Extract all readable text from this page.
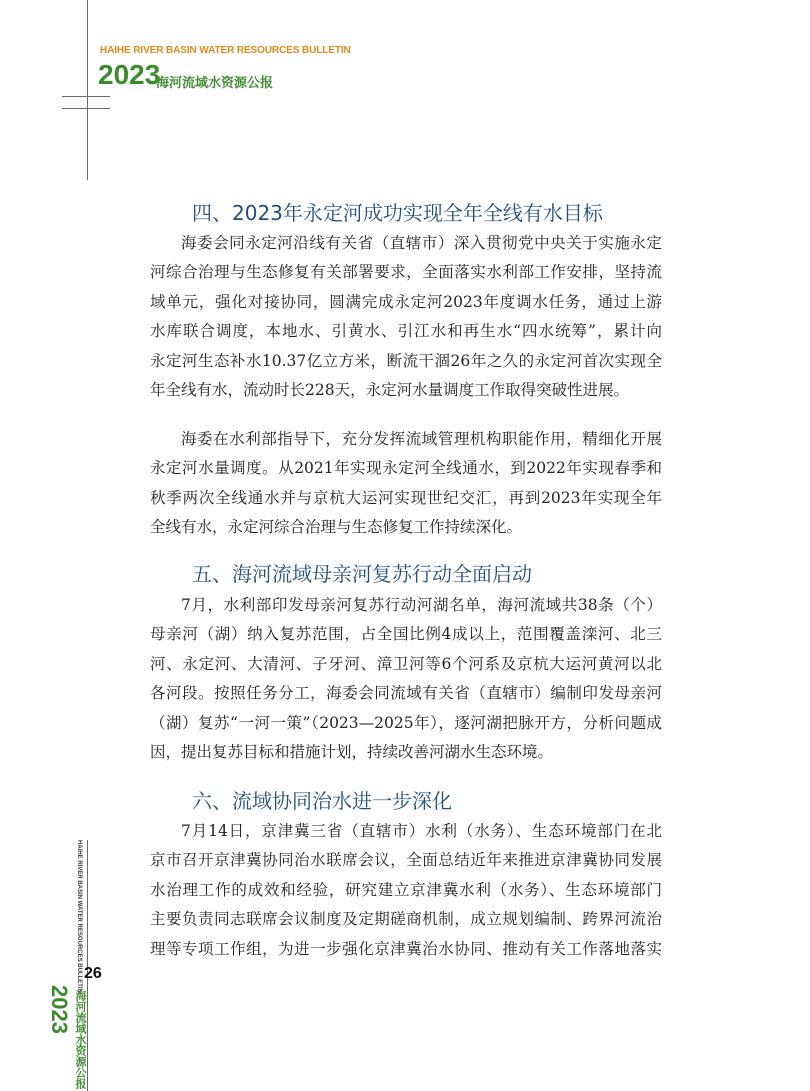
HAIHE RIVER BASIN WATER RESOURCES BULLETIN
2023
海河流域水资源公报
四、2023年永定河成功实现全年全线有水目标
海委会同永定河沿线有关省（直辖市）深入贯彻党中央关于实施永定
河综合治理与生态修复有关部署要求，全面落实水利部工作安排，坚持流
域单元，强化对接协同，圆满完成永定河2023年度调水任务，通过上游
水库联合调度，本地水、引黄水、引江水和再生水“四水统筹”，累计向
永定河生态补水10.37亿立方米，断流干涸26年之久的永定河首次实现全
年全线有水，流动时长228天，永定河水量调度工作取得突破性进展。
海委在水利部指导下，充分发挥流域管理机构职能作用，精细化开展
永定河水量调度。从2021年实现永定河全线通水，到2022年实现春季和
秋季两次全线通水并与京杭大运河实现世纪交汇，再到2023年实现全年
全线有水，永定河综合治理与生态修复工作持续深化。
五、海河流域母亲河复苏行动全面启动
7月，水利部印发母亲河复苏行动河湖名单，海河流域共38条（个）
母亲河（湖）纳入复苏范围，占全国比例4成以上，范围覆盖滦河、北三
河、永定河、大清河、子牙河、漳卫河等6个河系及京杭大运河黄河以北
各河段。按照任务分工，海委会同流域有关省（直辖市）编制印发母亲河
（湖）复苏“一河一策”（2023—2025年），逐河湖把脉开方，分析问题成
因，提出复苏目标和措施计划，持续改善河湖水生态环境。
六、流域协同治水进一步深化
7月14日，京津冀三省（直辖市）水利（水务）、生态环境部门在北
京市召开京津冀协同治水联席会议，全面总结近年来推进京津冀协同发展
水治理工作的成效和经验，研究建立京津冀水利（水务）、生态环境部门
主要负责同志联席会议制度及定期磋商机制，成立规划编制、跨界河流治
理等专项工作组，为进一步强化京津冀治水协同、推动有关工作落地落实
HAIHE RIVER BASIN WATER RESOURCES BULLETIN 26
2023 海河流域水资源公报
